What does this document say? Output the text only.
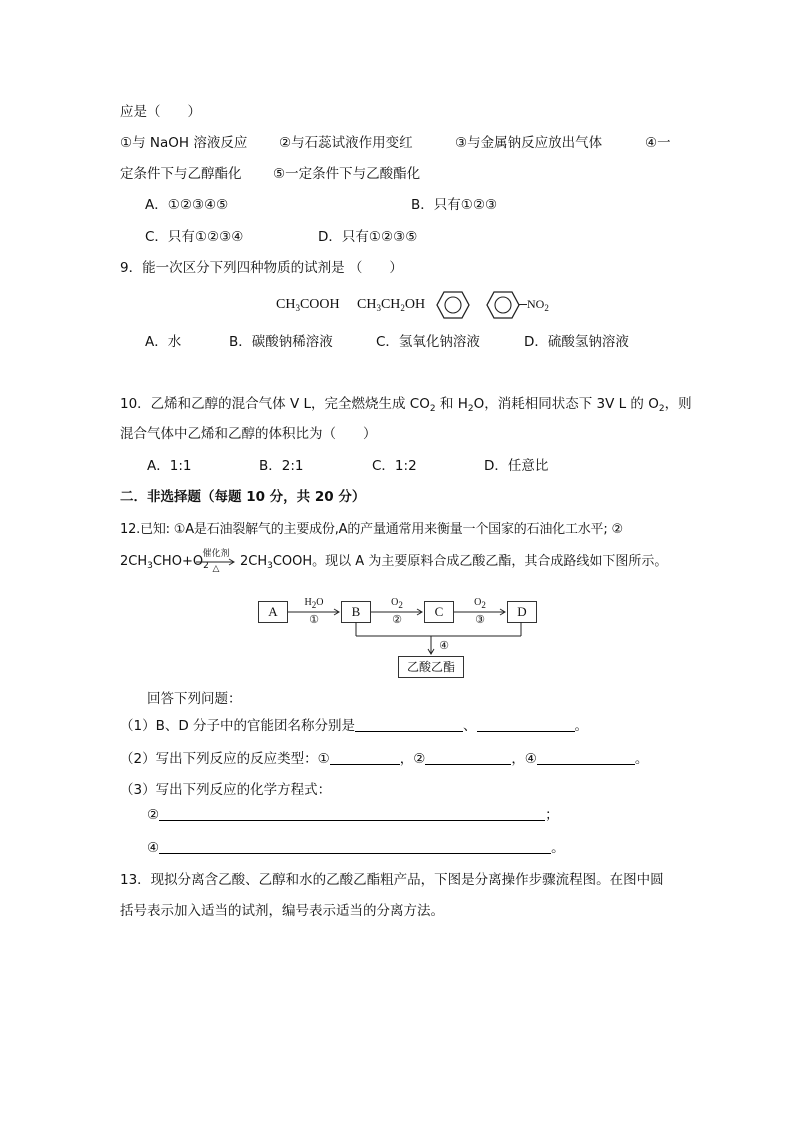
应是（　　）
①与 NaOH 溶液反应 ②与石蕊试液作用变红	③与金属钠反应放出气体	④一
定条件下与乙醇酯化 ⑤一定条件下与乙酸酯化
A．①②③④⑤	B．只有①②③
C．只有①②③④	D．只有①②③⑤
9．能一次区分下列四种物质的试剂是 （　　）
$CH_3COOH$ $CH_3CH_2OH$	$NO_2$
A．水	B．碳酸钠稀溶液	C．氢氧化钠溶液	D．硫酸氢钠溶液
10．乙烯和乙醇的混合气体 V L，完全燃烧生成 $CO_2$ 和 $H_2O$，消耗相同状态下 3V L 的 $O_2$，则
混合气体中乙烯和乙醇的体积比为（　　）
A．1:1	B．2:1	C．1:2	D．任意比
二．非选择题（每题 10 分，共 20 分）
12.已知: ①A是石油裂解气的主要成份,A的产量通常用来衡量一个国家的石油化工水平; ②
$2CH_3CHO+O_2$
催化剂
△	$2CH_3COOH$。现以 A 为主要原料合成乙酸乙酯，其合成路线如下图所示。
A	B	C	D
乙酸乙酯
$H_2O$
①
$O_2$
②
$O_2$
③
④
回答下列问题：
（1）B、D 分子中的官能团名称分别是	、	。
（2）写出下列反应的反应类型：①	，②	，④	。
（3）写出下列反应的化学方程式：
②	；
④	。
13．现拟分离含乙酸、乙醇和水的乙酸乙酯粗产品，下图是分离操作步骤流程图。在图中圆
括号表示加入适当的试剂，编号表示适当的分离方法。
